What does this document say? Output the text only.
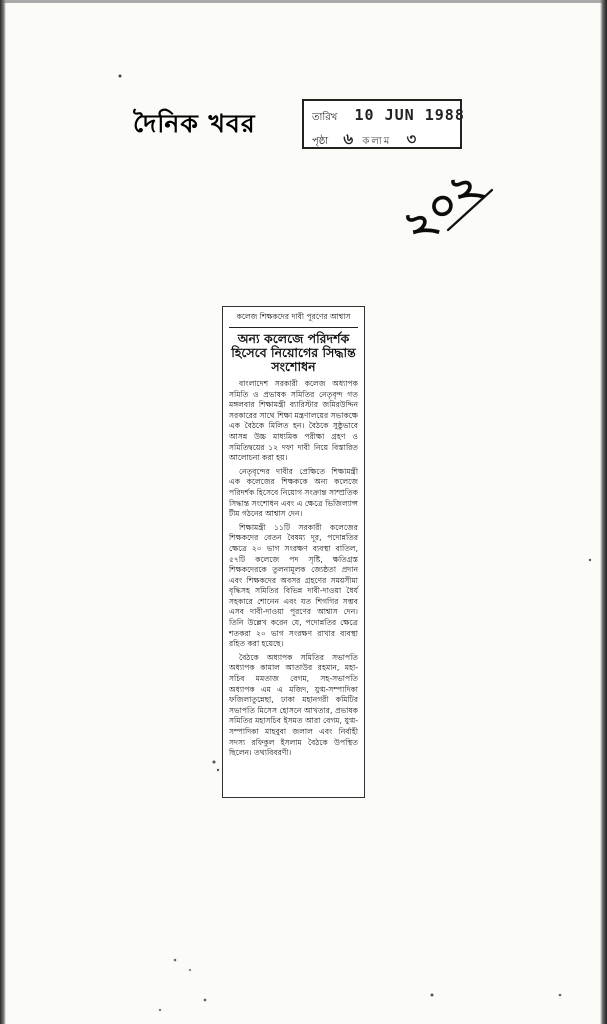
দৈনিক খবর	তারিখ 10 JUN 1988
পৃষ্ঠা ৬ কলাম ৩
২০২
কলেজ শিক্ষকদের দাবী পূরণের আশ্বাস
অন্য কলেজে পরিদর্শক হিসেবে নিয়োগের সিদ্ধান্ত সংশোধন

বাংলাদেশ সরকারী কলেজ অধ্যাপক সমিতি ও প্রভাষক সমিতির নেতৃবৃন্দ গত মঙ্গলবার শিক্ষামন্ত্রী ব্যারিস্টার জমিরউদ্দিন সরকারের সাথে শিক্ষা মন্ত্রণালয়ের সভাকক্ষে এক বৈঠকে মিলিত হন। বৈঠকে সুষ্ঠুভাবে আসন্ন উচ্চ মাধ্যমিক পরীক্ষা গ্রহণ ও সমিতিদ্বয়ের ১২ দফা দাবী নিয়ে বিস্তারিত আলোচনা করা হয়।

নেতৃবৃন্দের দাবীর প্রেক্ষিতে শিক্ষামন্ত্রী এক কলেজের শিক্ষককে অন্য কলেজে পরিদর্শক হিসেবে নিয়োগ সংক্রান্ত সাম্প্রতিক সিদ্ধান্ত সংশোধন এবং এ ক্ষেত্রে ভিজিল্যান্স টীম গঠনের আশ্বাস দেন।

শিক্ষামন্ত্রী ১১টি সরকারী কলেজের শিক্ষকদের বেতন বৈষম্য দূর, পদোন্নতির ক্ষেত্রে ২০ ভাগ সংরক্ষণ ব্যবস্থা বাতিল, ৫৭টি কলেজে পদ সৃষ্টি, ক্ষতিগ্রস্ত শিক্ষকদেরকে তুলনামূলক জ্যেষ্ঠতা প্রদান এবং শিক্ষকদের অবসর গ্রহণের সময়সীমা বৃদ্ধিসহ সমিতির বিভিন্ন দাবী-দাওয়া ধৈর্য সহকারে শোনেন এবং যত শিগগির সম্ভব এসব দাবী-দাওয়া পূরণের আশ্বাস দেন। তিনি উল্লেখ করেন যে, পদোন্নতির ক্ষেত্রে শতকরা ২০ ভাগ সংরক্ষণ রাখার ব্যবস্থা রহিত করা হয়েছে।

বৈঠকে অধ্যাপক সমিতির সভাপতি অধ্যাপক কামাল আতাউর রহমান, মহা-সচিব মমতাজ বেগম, সহ-সভাপতি অধ্যাপক এম এ মজিদ, যুগ্ম-সম্পাদিকা ফজিলাতুন্নেছা, ঢাকা মহানগরী কমিটির সভাপতি মিসেস হোসনে আখতার, প্রভাষক সমিতির মহাসচিব ইসমত আরা বেগম, যুগ্ম-সম্পাদিকা মাহবুবা জলাল এবং নির্বাহী সদস্য রফিকুল ইসলাম বৈঠকে উপস্থিত ছিলেন। তথ্যবিবরণী।
